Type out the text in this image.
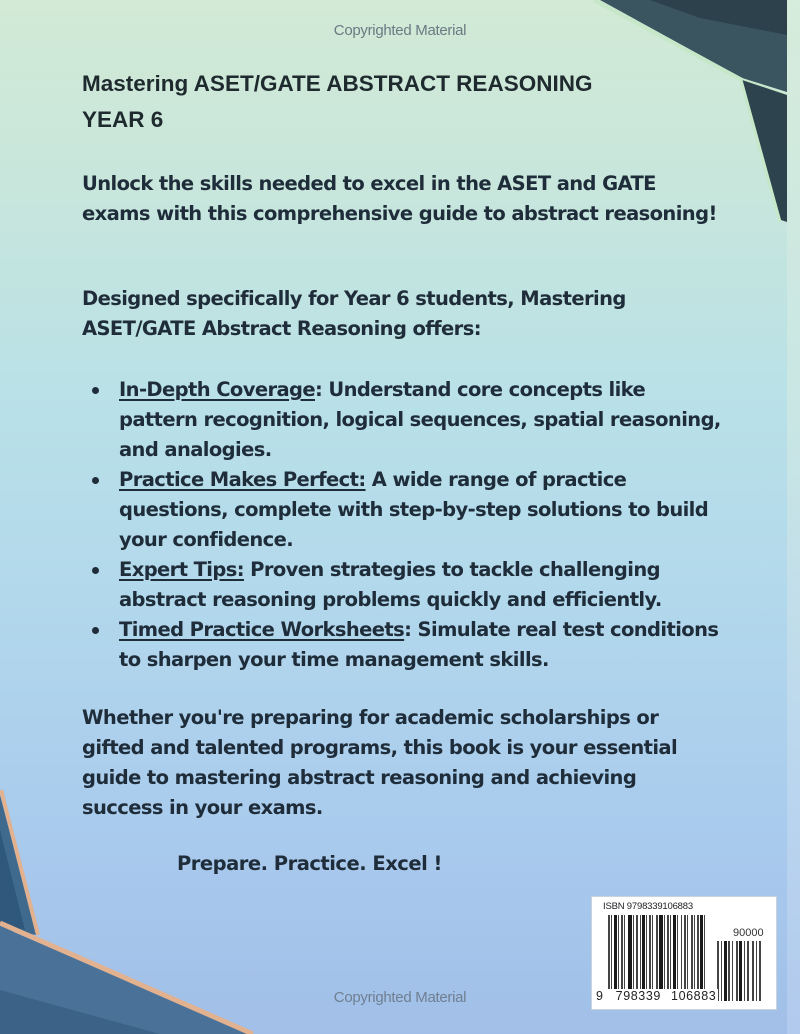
Copyrighted Material
Mastering ASET/GATE ABSTRACT REASONING
YEAR 6
Unlock the skills needed to excel in the ASET and GATE exams with this comprehensive guide to abstract reasoning!
Designed specifically for Year 6 students, Mastering ASET/GATE Abstract Reasoning offers:
In-Depth Coverage: Understand core concepts like pattern recognition, logical sequences, spatial reasoning, and analogies.
Practice Makes Perfect: A wide range of practice questions, complete with step-by-step solutions to build your confidence.
Expert Tips: Proven strategies to tackle challenging abstract reasoning problems quickly and efficiently.
Timed Practice Worksheets: Simulate real test conditions to sharpen your time management skills.
Whether you're preparing for academic scholarships or gifted and talented programs, this book is your essential guide to mastering abstract reasoning and achieving success in your exams.
Prepare. Practice. Excel !
ISBN 9798339106883
90000
9 798339 106883
Copyrighted Material
